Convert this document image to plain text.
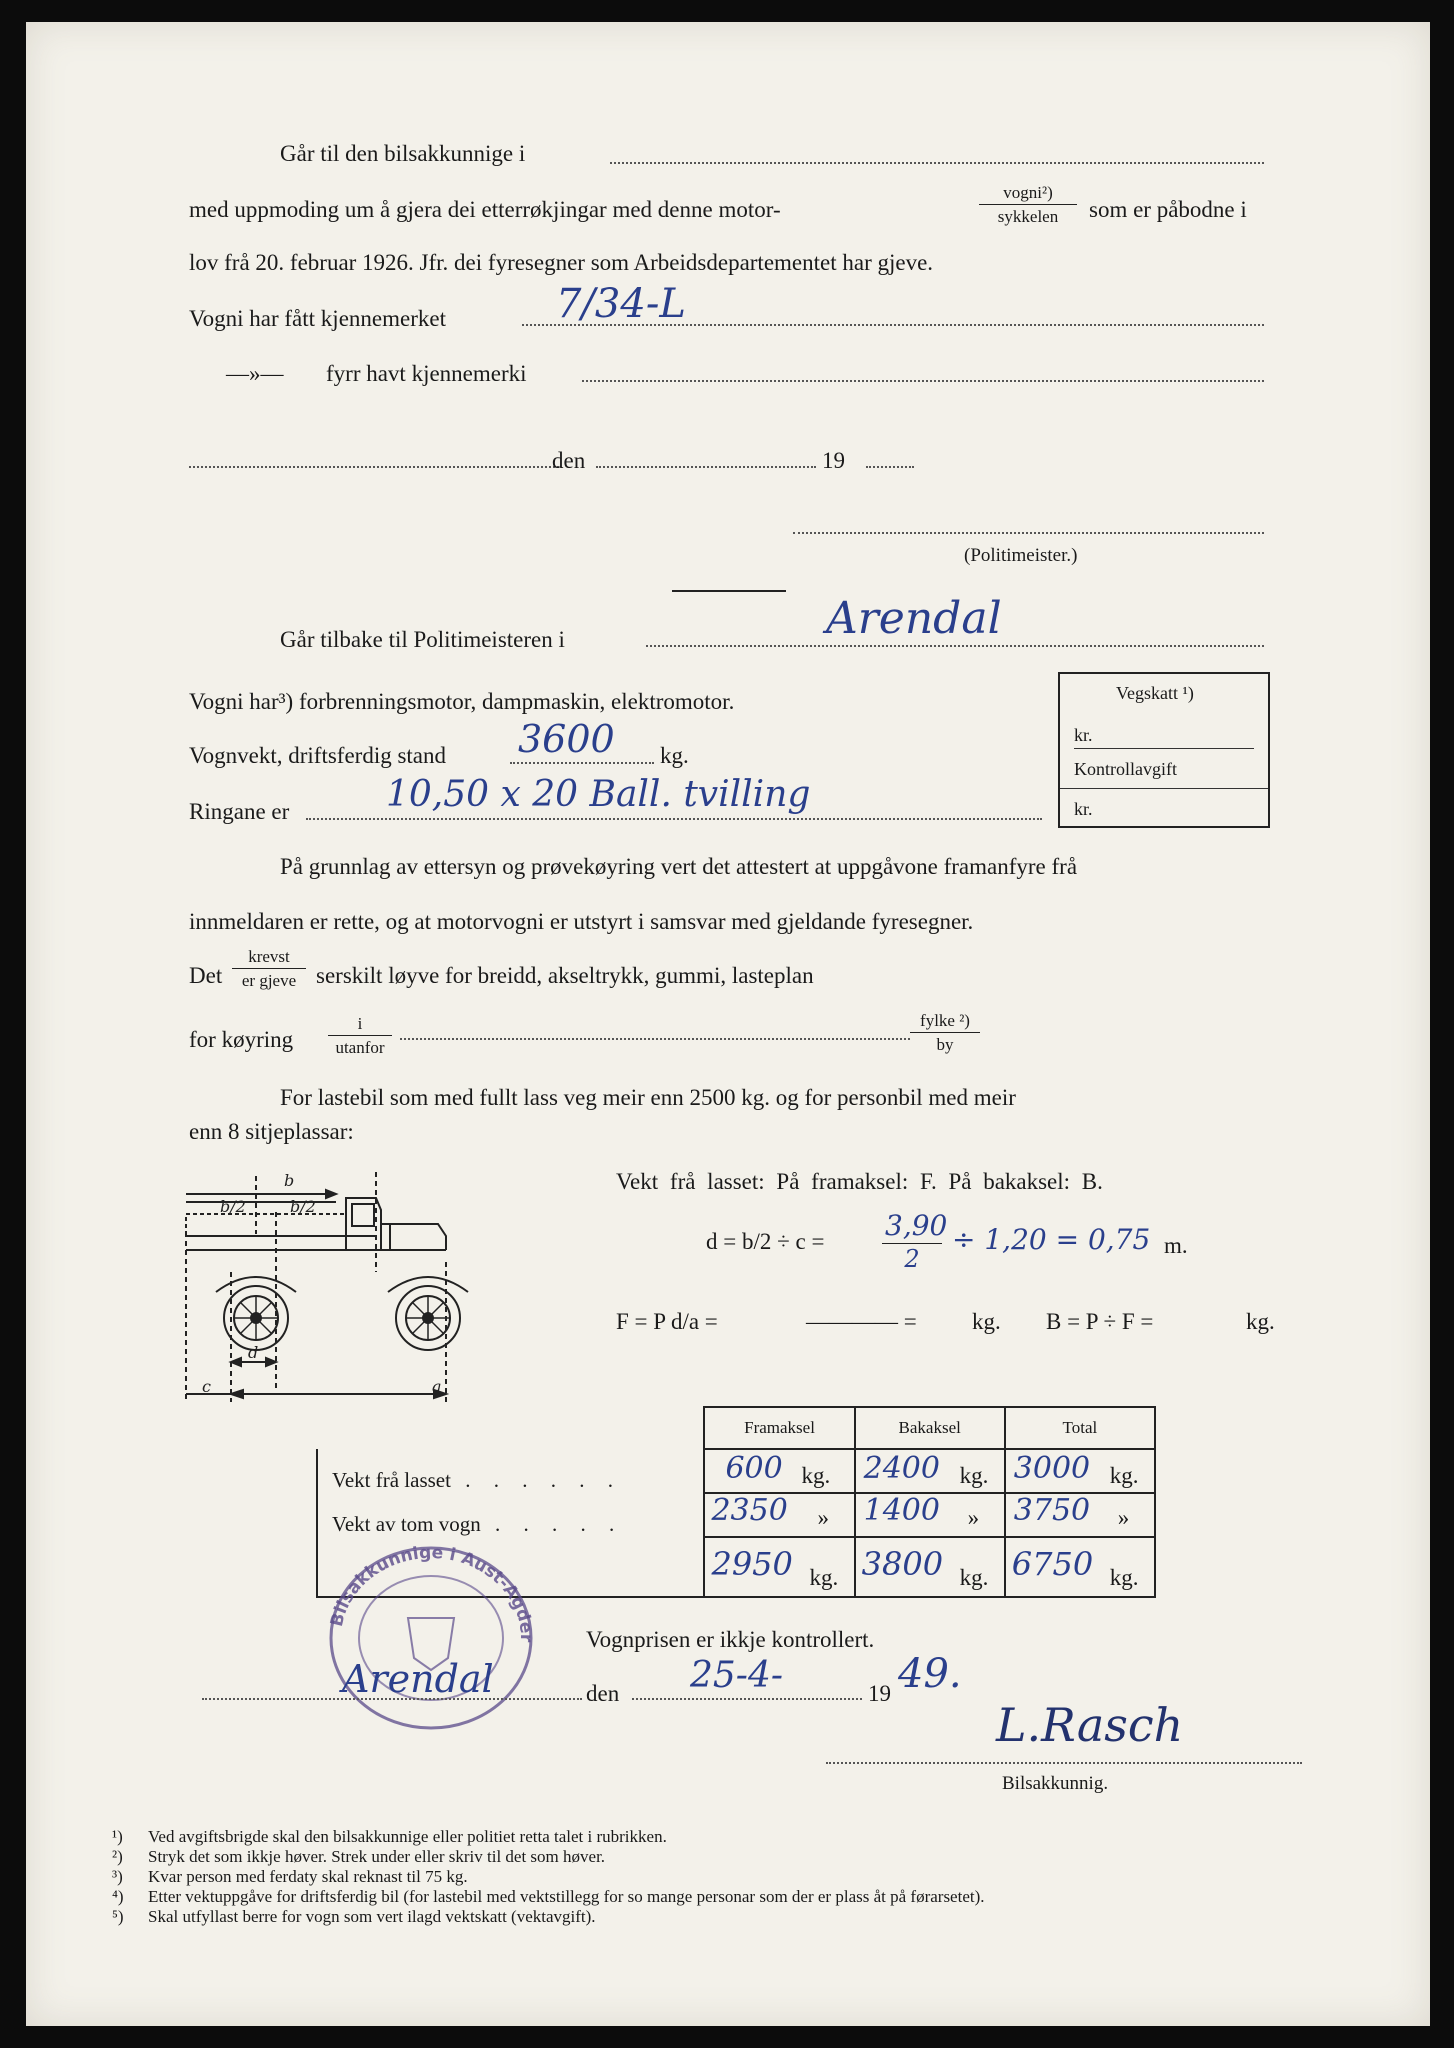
Går til den bilsakkunnige i
med uppmoding um å gjera dei etterrøkjingar med denne motor-
vogni²)
sykkelen	som er påbodne i
lov frå 20. februar 1926. Jfr. dei fyresegner som Arbeidsdepartementet har gjeve.
Vogni har fått kjennemerket	7/34-L
—»— fyrr havt kjennemerki
den	19
(Politimeister.)
Går tilbake til Politimeisteren i	Arendal
Vogni har³) forbrenningsmotor, dampmaskin, elektromotor.
Vognvekt, driftsferdig stand 3600 kg.
Ringane er	10,50 x 20 Ball. tvilling
Vegskatt ¹)
kr.
Kontrollavgift
kr.
På grunnlag av ettersyn og prøvekøyring vert det attestert at uppgåvone framanfyre frå
innmeldaren er rette, og at motorvogni er utstyrt i samsvar med gjeldande fyresegner.
Det
krevst
er gjeve serskilt løyve for breidd, akseltrykk, gummi, lasteplan
for køyring
i
utanfor
fylke ²)
by
For lastebil som med fullt lass veg meir enn 2500 kg. og for personbil med meir
enn 8 sitjeplassar:
b
b/2	b/2
d
c	a
Vekt frå lasset: På framaksel: F. På bakaksel: B.
$d = b/2 \div c = \frac{3,90}{2} \div 1,20 = 0,75$ m.
F = P d/a =	———— = kg. B = P ÷ F =	kg.
	Framaksel	Bakaksel	Total
Vekt frå lasset . . . . . .	600 kg.	2400 kg.	3000 kg.

Vekt av tom vogn . . . . .	2350 »	1400 »	3750 »

	2950 kg.	3800 kg.	6750 kg.
Bilsakkunnige i Aust-Agder Vognprisen er ikkje kontrollert.
Arendal	den 25-4-	19 49.
L.Rasch
Bilsakkunnig.
¹) Ved avgiftsbrigde skal den bilsakkunnige eller politiet retta talet i rubrikken.
²) Stryk det som ikkje høver. Strek under eller skriv til det som høver.
³) Kvar person med ferdaty skal reknast til 75 kg.
⁴) Etter vektuppgåve for driftsferdig bil (for lastebil med vektstillegg for so mange personar som der er plass åt på førarsetet).
⁵) Skal utfyllast berre for vogn som vert ilagd vektskatt (vektavgift).
